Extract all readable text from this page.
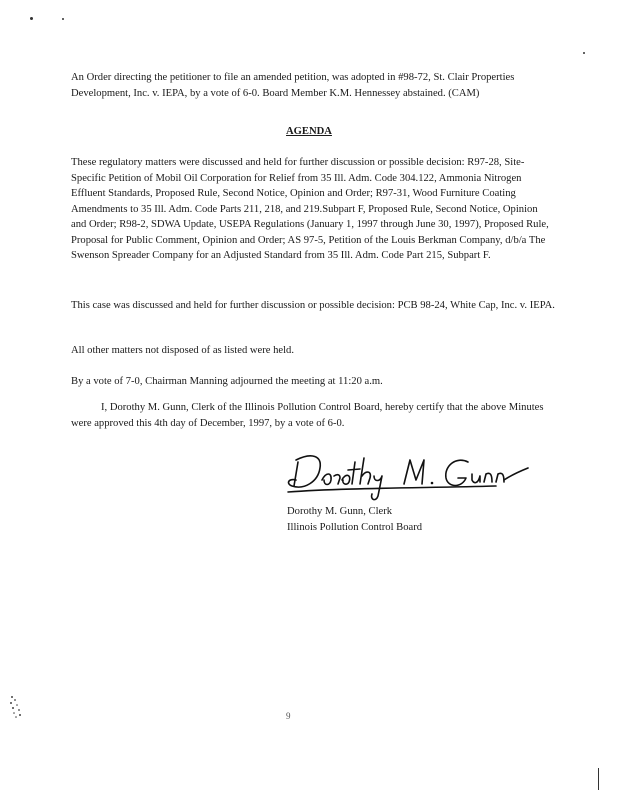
An Order directing the petitioner to file an amended petition, was adopted in #98-72, St. Clair Properties Development, Inc. v. IEPA, by a vote of 6-0. Board Member K.M. Hennessey abstained. (CAM)

AGENDA

These regulatory matters were discussed and held for further discussion or possible decision: R97-28, Site-Specific Petition of Mobil Oil Corporation for Relief from 35 Ill. Adm. Code 304.122, Ammonia Nitrogen Effluent Standards, Proposed Rule, Second Notice, Opinion and Order; R97-31, Wood Furniture Coating Amendments to 35 Ill. Adm. Code Parts 211, 218, and 219.Subpart F, Proposed Rule, Second Notice, Opinion and Order; R98-2, SDWA Update, USEPA Regulations (January 1, 1997 through June 30, 1997), Proposed Rule, Proposal for Public Comment, Opinion and Order; AS 97-5, Petition of the Louis Berkman Company, d/b/a The Swenson Spreader Company for an Adjusted Standard from 35 Ill. Adm. Code Part 215, Subpart F.

This case was discussed and held for further discussion or possible decision: PCB 98-24, White Cap, Inc. v. IEPA.

All other matters not disposed of as listed were held.

By a vote of 7-0, Chairman Manning adjourned the meeting at 11:20 a.m.

I, Dorothy M. Gunn, Clerk of the Illinois Pollution Control Board, hereby certify that the above Minutes were approved this 4th day of December, 1997, by a vote of 6-0.

Dorothy M. Gunn, Clerk
Illinois Pollution Control Board
9
